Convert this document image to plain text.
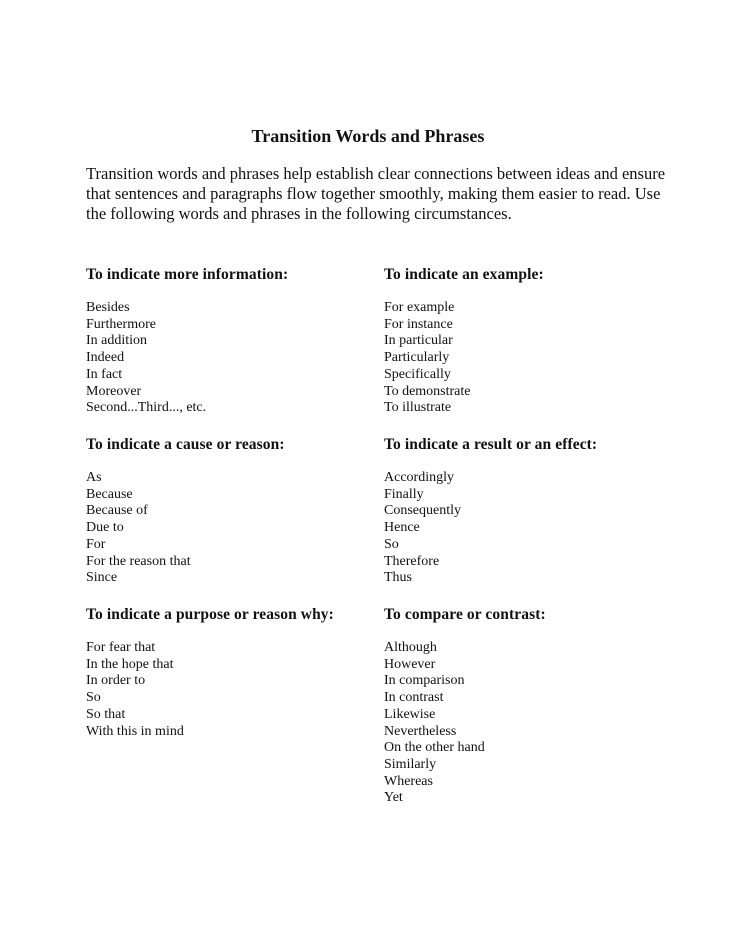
Transition Words and Phrases

Transition words and phrases help establish clear connections between ideas and ensure that sentences and paragraphs flow together smoothly, making them easier to read. Use the following words and phrases in the following circumstances.

To indicate more information:
Besides
Furthermore
In addition
Indeed
In fact
Moreover
Second...Third..., etc.
To indicate an example:
For example
For instance
In particular
Particularly
Specifically
To demonstrate
To illustrate
To indicate a cause or reason:
As
Because
Because of
Due to
For
For the reason that
Since
To indicate a result or an effect:
Accordingly
Finally
Consequently
Hence
So
Therefore
Thus
To indicate a purpose or reason why:
For fear that
In the hope that
In order to
So
So that
With this in mind
To compare or contrast:
Although
However
In comparison
In contrast
Likewise
Nevertheless
On the other hand
Similarly
Whereas
Yet
